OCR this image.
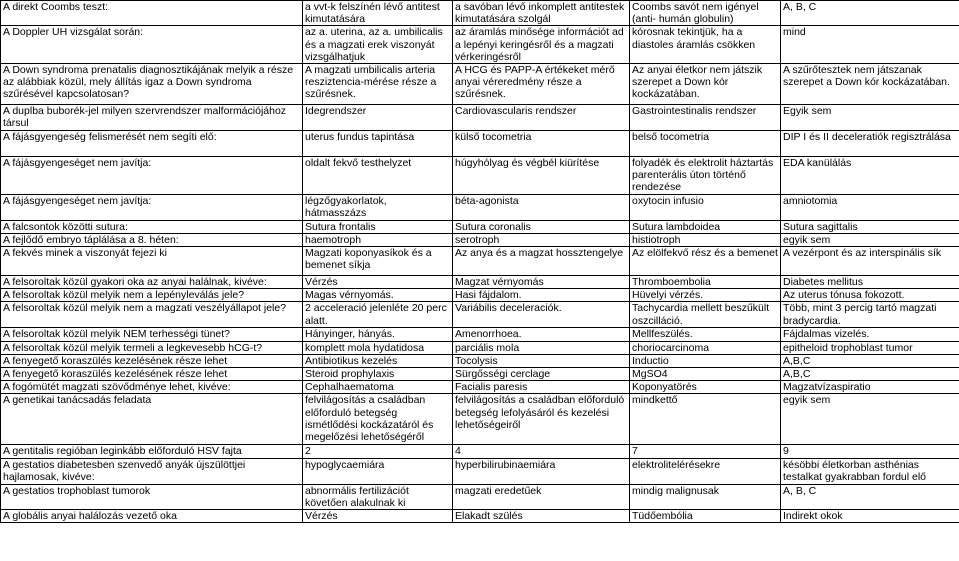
A direkt Coombs teszt:	a vvt-k felszínén lévő antitest kimutatására	a savóban lévő inkomplett antitestek kimutatására szolgál	Coombs savót nem igényel (anti- humán globulin)	A, B, C
A Doppler UH vizsgálat során:	az a. uterina, az a. umbilicalis és a magzati erek viszonyát vizsgálhatjuk	az áramlás minősége információt ad a lepényi keringésről és a magzati vérkeringésről	kórosnak tekintjük, ha a diastoles áramlás csökken	mind
A Down syndroma prenatalis diagnosztikájának melyik a része az alábbiak közül, mely állítás igaz a Down syndroma szűrésével kapcsolatosan?	A magzati umbilicalis arteria resziztencia-mérése része a szűrésnek.	A HCG és PAPP-A értékeket mérő anyai véreredmény része a szűrésnek.	Az anyai életkor nem játszik szerepet a Down kór kockázatában.	A szűrőtesztek nem játszanak szerepet a Down kór kockázatában.
A duplba buborék-jel milyen szervrendszer malformációjához társul	Idegrendszer	Cardiovascularis rendszer	Gastrointestinalis rendszer	Egyik sem
A fájásgyengeség felismerését nem segíti elő:	uterus fundus tapintása	külső tocometria	belső tocometria	DIP I és II deceleratiók regisztrálása
A fájásgyengeséget nem javítja:	oldalt fekvő testhelyzet	húgyhólyag és végbél kiürítése	folyadék és elektrolit háztartás parenterális úton történő rendezése	EDA kanülálás
A fájásgyengeséget nem javítja:	légzőgyakorlatok, hátmasszázs	béta-agonista	oxytocin infusio	amniotomia
A falcsontok közötti sutura:	Sutura frontalis	Sutura coronalis	Sutura lambdoidea	Sutura sagittalis
A fejlődő embryo táplálása a 8. héten:	haemotroph	serotroph	histiotroph	egyik sem
A fekvés minek a viszonyát fejezi ki	Magzati koponyasíkok és a bemenet síkja	Az anya és a magzat hossztengelye	Az elölfekvő rész és a bemenet	A vezérpont és az interspinális sík
A felsoroltak közül gyakori oka az anyai halálnak, kivéve:	Vérzés	Magzat vérnyomás	Thromboembolia	Diabetes mellitus
A felsoroltak közül melyik nem a lepényleválás jele?	Magas vérnyomás.	Hasi fájdalom.	Hüvelyi vérzés.	Az uterus tónusa fokozott.
A felsoroltak közül melyik nem a magzati veszélyállapot jele?	2 acceleració jelenléte 20 perc alatt.	Variábilis deceleraciók.	Tachycardia mellett beszűkült oszcilláció.	Több, mint 3 percig tartó magzati bradycardia.
A felsoroltak közül melyik NEM terhességi tünet?	Hányinger, hányás.	Amenorrhoea.	Mellfeszülés.	Fájdalmas vizelés.
A felsoroltak közül melyik termeli a legkevesebb hCG-t?	komplett mola hydatidosa	parciális mola	choriocarcinoma	epitheloid trophoblast tumor
A fenyegető koraszülés kezelésének része lehet	Antibiotikus kezelés	Tocolysis	Inductio	A,B,C
A fenyegető koraszülés kezelésének része lehet	Steroid prophylaxis	Sürgősségi cerclage	MgSO4	A,B,C
A fogómütét magzati szövődménye lehet, kivéve:	Cephalhaematoma	Facialis paresis	Koponyatörés	Magzatvízaspiratio
A genetikai tanácsadás feladata	felvilágosítás a családban előforduló betegség ismétlődési kockázatáról és megelőzési lehetőségéről	felvilágosítás a családban előforduló betegség lefolyásáról és kezelési lehetőségeiről	mindkettő	egyik sem
A gentitalis regióban leginkább előforduló HSV fajta	2	4	7	9
A gestatios diabetesben szenvedő anyák újszülöttjei hajlamosak, kivéve:	hypoglycaemiára	hyperbilirubinaemiára	elektrolitelérésekre	késöbbi életkorban asthénias testalkat gyakrabban fordul elő
A gestatios trophoblast tumorok	abnormális fertilizációt követően alakulnak ki	magzati eredetűek	mindig malignusak	A, B, C
A globális anyai halálozás vezető oka	Vérzés	Elakadt szülés	Tüdőembólia	Indirekt okok
